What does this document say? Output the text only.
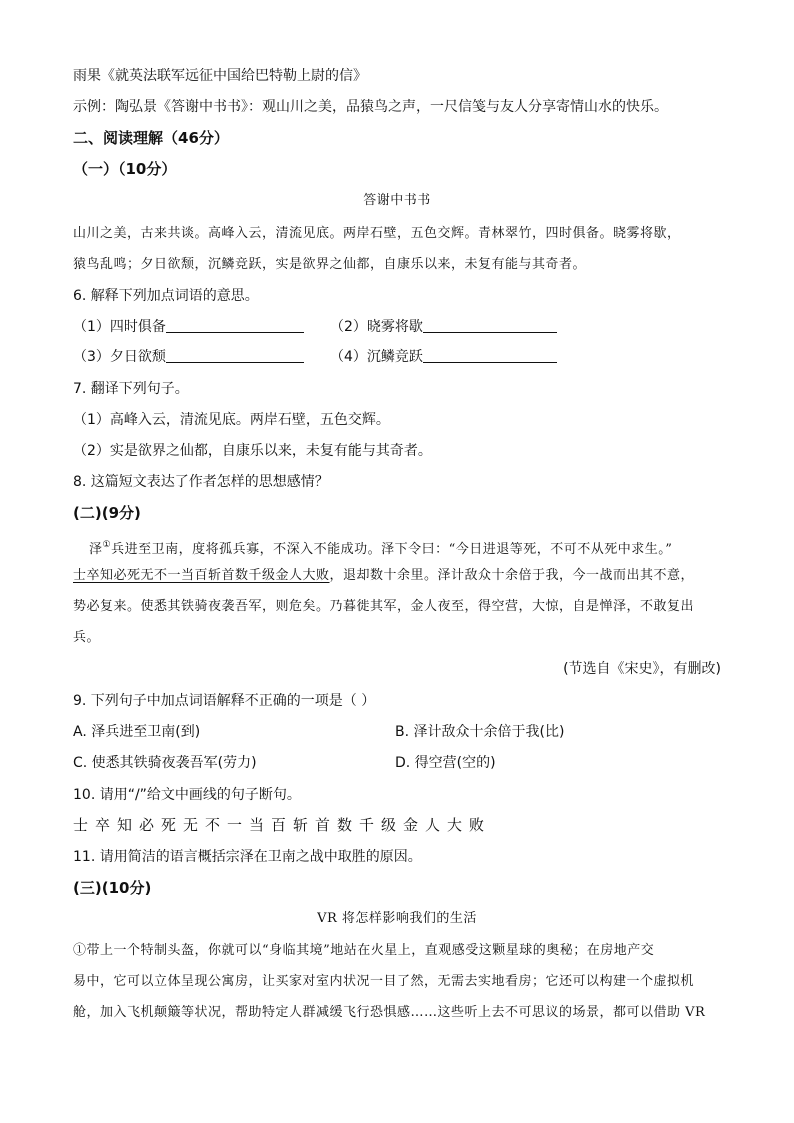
雨果《就英法联军远征中国给巴特勒上尉的信》
示例：陶弘景《答谢中书书》：观山川之美，品猿鸟之声，一尺信笺与友人分享寄情山水的快乐。
二、阅读理解（46分）
（一）（10分）
答谢中书书
山川之美，古来共谈。高峰入云，清流见底。两岸石壁，五色交辉。青林翠竹，四时俱备。晓雾将歇，
猿鸟乱鸣；夕日欲颓，沉鳞竞跃，实是欲界之仙都，自康乐以来，未复有能与其奇者。
6. 解释下列加点词语的意思。
（1）四时俱备	（2）晓雾将歇
（3）夕日欲颓	（4）沉鳞竞跃
7. 翻译下列句子。
（1）高峰入云，清流见底。两岸石壁，五色交辉。
（2）实是欲界之仙都，自康乐以来，未复有能与其奇者。
8. 这篇短文表达了作者怎样的思想感情？
(二)(9分)
泽①兵进至卫南，度将孤兵寡，不深入不能成功。泽下令曰：“今日进退等死，不可不从死中求生。”
士卒知必死无不一当百斩首数千级金人大败，退却数十余里。泽计敌众十余倍于我，今一战而出其不意，
势必复来。使悉其铁骑夜袭吾军，则危矣。乃暮徙其军，金人夜至，得空营，大惊，自是惮泽，不敢复出
兵。
(节选自《宋史》，有删改)
9. 下列句子中加点词语解释不正确的一项是（ ）
A. 泽兵进至卫南(到)	B. 泽计敌众十余倍于我(比)
C. 使悉其铁骑夜袭吾军(劳力)	D. 得空营(空的)
10. 请用“/”给文中画线的句子断句。
士卒知必死无不一当百斩首数千级金人大败
11. 请用简洁的语言概括宗泽在卫南之战中取胜的原因。
(三)(10分)
VR 将怎样影响我们的生活
①带上一个特制头盔，你就可以“身临其境”地站在火星上，直观感受这颗星球的奥秘；在房地产交
易中，它可以立体呈现公寓房，让买家对室内状况一目了然，无需去实地看房；它还可以构建一个虚拟机
舱，加入飞机颠簸等状况，帮助特定人群减缓飞行恐惧感……这些听上去不可思议的场景，都可以借助 VR
